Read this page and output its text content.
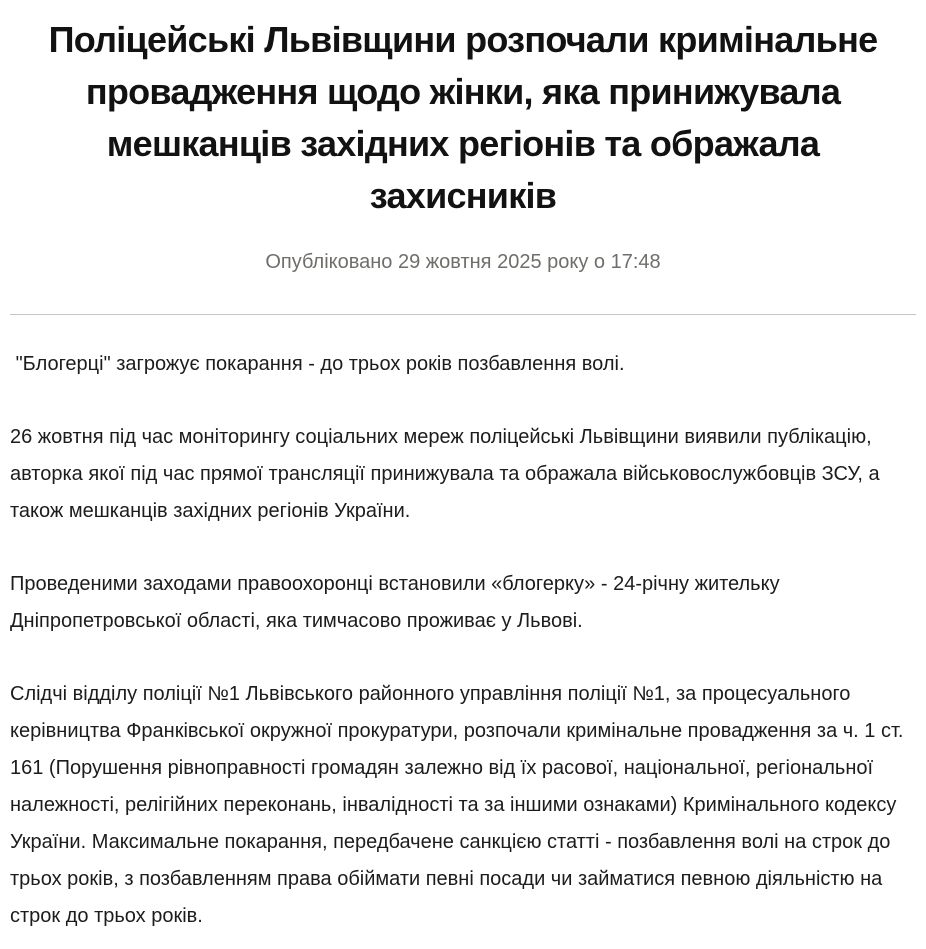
Поліцейські Львівщини розпочали кримінальне провадження щодо жінки, яка принижувала мешканців західних регіонів та ображала захисників

Опубліковано 29 жовтня 2025 року о 17:48

"Блогерці" загрожує покарання - до трьох років позбавлення волі.

26 жовтня під час моніторингу соціальних мереж поліцейські Львівщини виявили публікацію, авторка якої під час прямої трансляції принижувала та ображала військовослужбовців ЗСУ, а також мешканців західних регіонів України.

Проведеними заходами правоохоронці встановили «блогерку» - 24-річну жительку Дніпропетровської області, яка тимчасово проживає у Львові.

Слідчі відділу поліції №1 Львівського районного управління поліції №1, за процесуального керівництва Франківської окружної прокуратури, розпочали кримінальне провадження за ч. 1 ст. 161 (Порушення рівноправності громадян залежно від їх расової, національної, регіональної належності, релігійних переконань, інвалідності та за іншими ознаками) Кримінального кодексу України. Максимальне покарання, передбачене санкцією статті - позбавлення волі на строк до трьох років, з позбавленням права обіймати певні посади чи займатися певною діяльністю на строк до трьох років.
